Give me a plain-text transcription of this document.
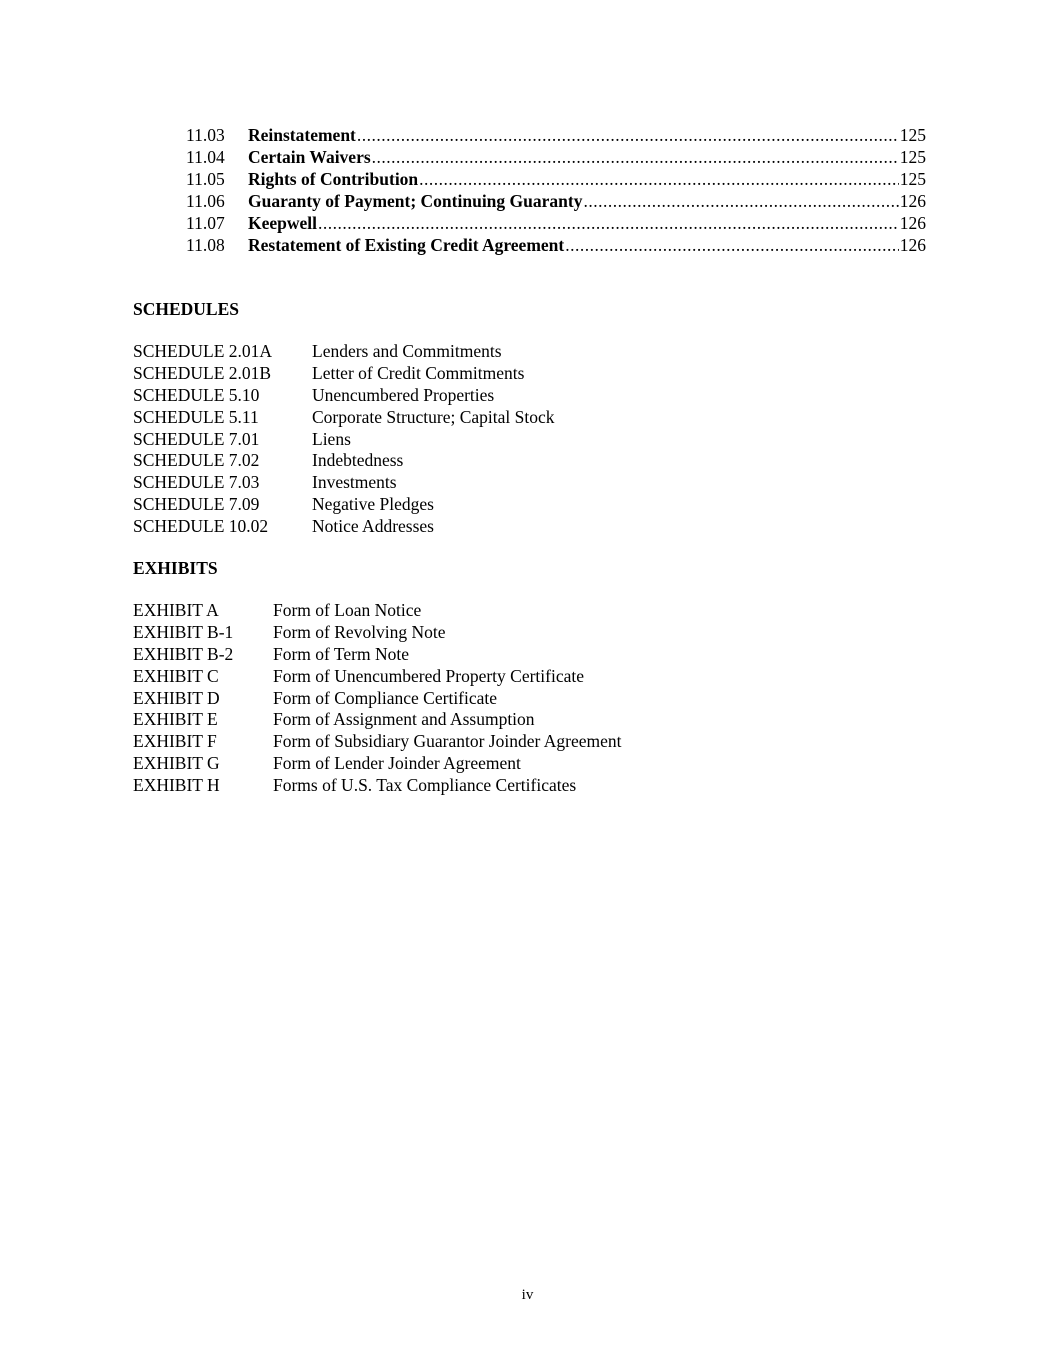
11.03	Reinstatement .....	125
11.04	Certain Waivers .....	125
11.05	Rights of Contribution .....	125
11.06	Guaranty of Payment; Continuing Guaranty .....	126
11.07	Keepwell .....	126
11.08	Restatement of Existing Credit Agreement .....	126
SCHEDULES
SCHEDULE 2.01A	Lenders and Commitments
SCHEDULE 2.01B	Letter of Credit Commitments
SCHEDULE 5.10	Unencumbered Properties
SCHEDULE 5.11	Corporate Structure; Capital Stock
SCHEDULE 7.01	Liens
SCHEDULE 7.02	Indebtedness
SCHEDULE 7.03	Investments
SCHEDULE 7.09	Negative Pledges
SCHEDULE 10.02	Notice Addresses
EXHIBITS
EXHIBIT A	Form of Loan Notice
EXHIBIT B-1	Form of Revolving Note
EXHIBIT B-2	Form of Term Note
EXHIBIT C	Form of Unencumbered Property Certificate
EXHIBIT D	Form of Compliance Certificate
EXHIBIT E	Form of Assignment and Assumption
EXHIBIT F	Form of Subsidiary Guarantor Joinder Agreement
EXHIBIT G	Form of Lender Joinder Agreement
EXHIBIT H	Forms of U.S. Tax Compliance Certificates
iv
